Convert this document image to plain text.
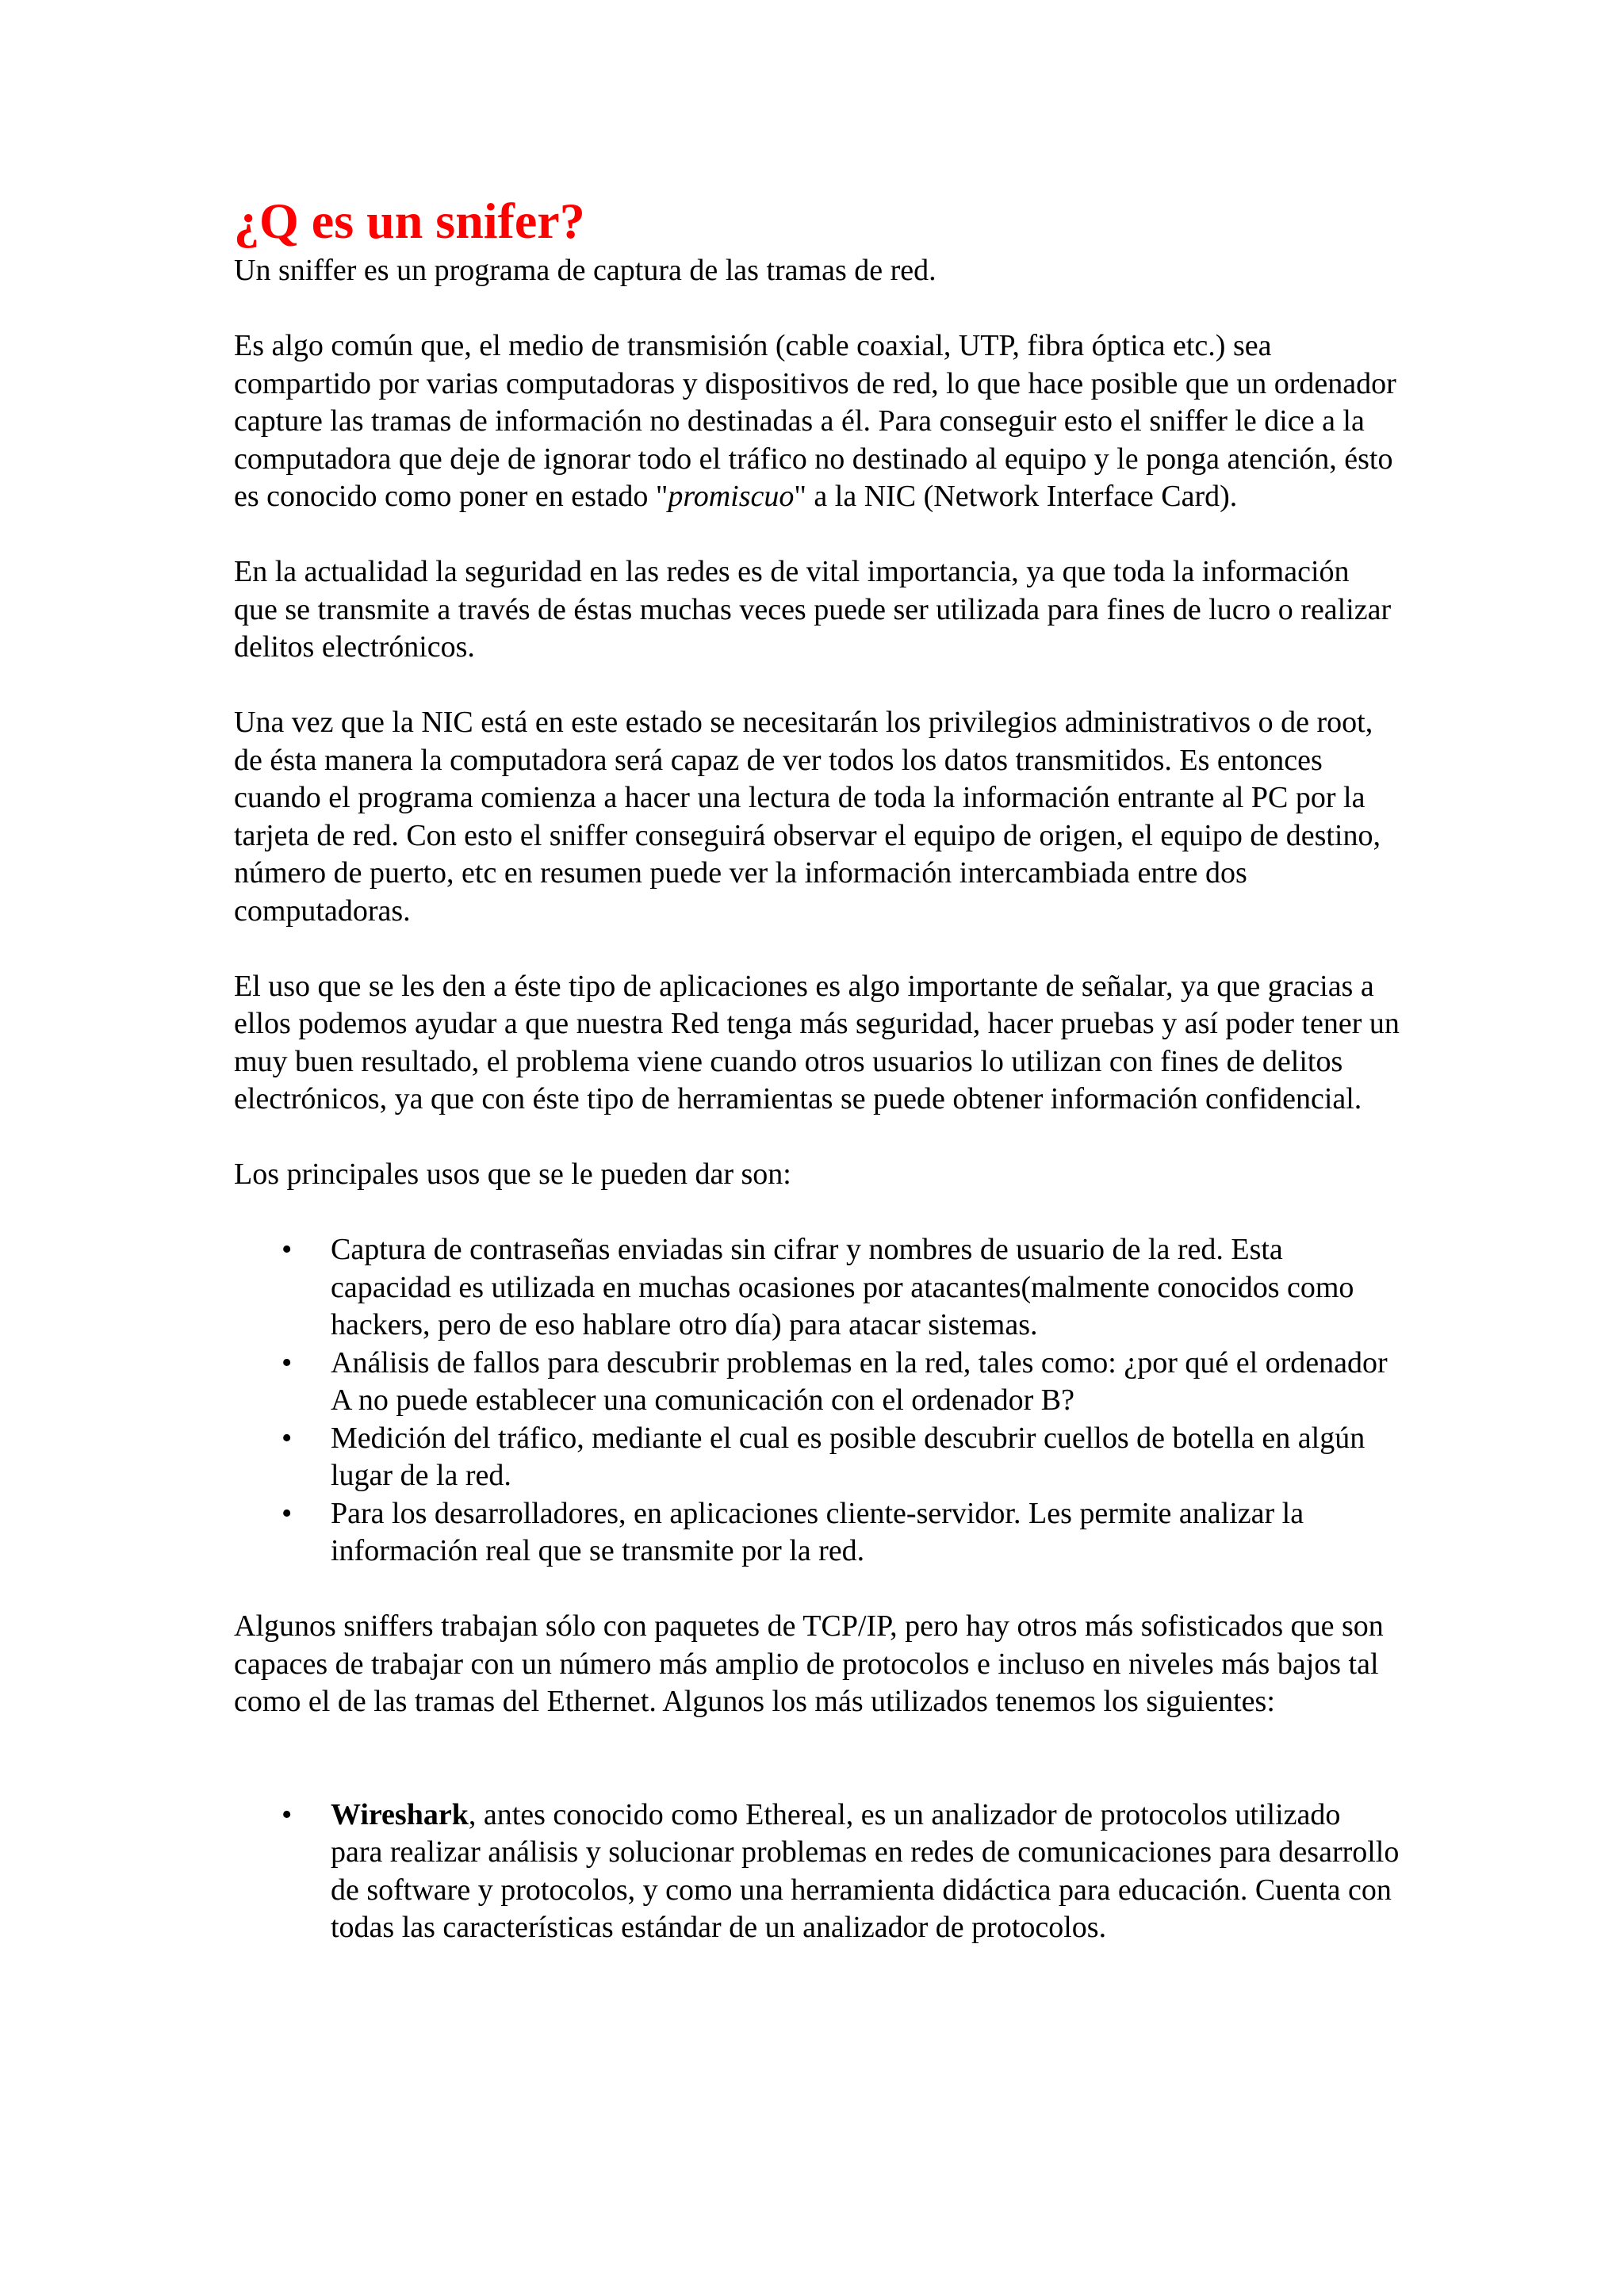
¿Q es un snifer?

Un sniffer es un programa de captura de las tramas de red.

Es algo común que, el medio de transmisión (cable coaxial, UTP, fibra óptica etc.) sea compartido por varias computadoras y dispositivos de red, lo que hace posible que un ordenador capture las tramas de información no destinadas a él. Para conseguir esto el sniffer le dice a la computadora que deje de ignorar todo el tráfico no destinado al equipo y le ponga atención, ésto es conocido como poner en estado "promiscuo" a la NIC (Network Interface Card).

En la actualidad la seguridad en las redes es de vital importancia, ya que toda la información que se transmite a través de éstas muchas veces puede ser utilizada para fines de lucro o realizar delitos electrónicos.

Una vez que la NIC está en este estado se necesitarán los privilegios administrativos o de root, de ésta manera la computadora será capaz de ver todos los datos transmitidos. Es entonces cuando el programa comienza a hacer una lectura de toda la información entrante al PC por la tarjeta de red. Con esto el sniffer conseguirá observar el equipo de origen, el equipo de destino, número de puerto, etc en resumen puede ver la información intercambiada entre dos computadoras.

El uso que se les den a éste tipo de aplicaciones es algo importante de señalar, ya que gracias a ellos podemos ayudar a que nuestra Red tenga más seguridad, hacer pruebas y así poder tener un muy buen resultado, el problema viene cuando otros usuarios lo utilizan con fines de delitos electrónicos, ya que con éste tipo de herramientas se puede obtener información confidencial.

Los principales usos que se le pueden dar son:

• Captura de contraseñas enviadas sin cifrar y nombres de usuario de la red. Esta capacidad es utilizada en muchas ocasiones por atacantes(malmente conocidos como hackers, pero de eso hablare otro día) para atacar sistemas.
• Análisis de fallos para descubrir problemas en la red, tales como: ¿por qué el ordenador A no puede establecer una comunicación con el ordenador B?
• Medición del tráfico, mediante el cual es posible descubrir cuellos de botella en algún lugar de la red.
• Para los desarrolladores, en aplicaciones cliente-servidor. Les permite analizar la información real que se transmite por la red.

Algunos sniffers trabajan sólo con paquetes de TCP/IP, pero hay otros más sofisticados que son capaces de trabajar con un número más amplio de protocolos e incluso en niveles más bajos tal como el de las tramas del Ethernet. Algunos los más utilizados tenemos los siguientes:

• Wireshark, antes conocido como Ethereal, es un analizador de protocolos utilizado para realizar análisis y solucionar problemas en redes de comunicaciones para desarrollo de software y protocolos, y como una herramienta didáctica para educación. Cuenta con todas las características estándar de un analizador de protocolos.
